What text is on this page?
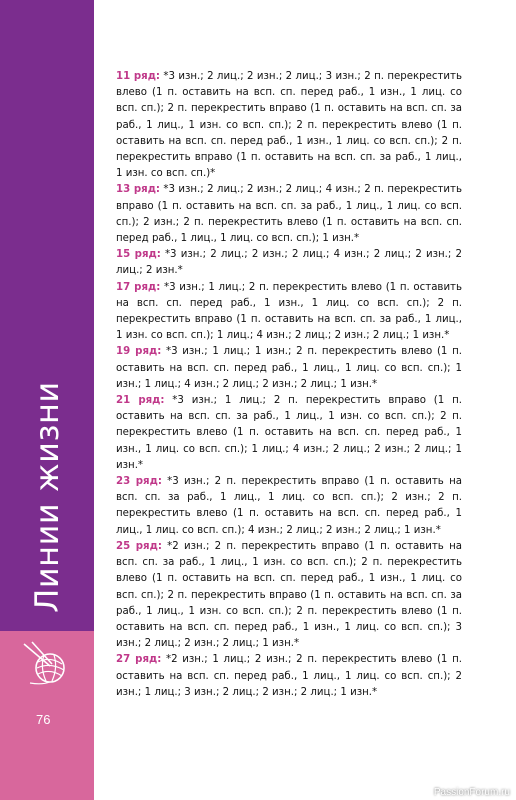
Линии жизни
76

11 ряд: *3 изн.; 2 лиц.; 2 изн.; 2 лиц.; 3 изн.; 2 п. перекрестить влево (1 п. оставить на всп. сп. перед раб., 1 изн., 1 лиц. со всп. сп.); 2 п. перекрестить вправо (1 п. оставить на всп. сп. за раб., 1 лиц., 1 изн. со всп. сп.); 2 п. перекрестить влево (1 п. оставить на всп. сп. перед раб., 1 изн., 1 лиц. со всп. сп.); 2 п. перекрестить вправо (1 п. оставить на всп. сп. за раб., 1 лиц., 1 изн. со всп. сп.)*

13 ряд: *3 изн.; 2 лиц.; 2 изн.; 2 лиц.; 4 изн.; 2 п. перекрестить вправо (1 п. оставить на всп. сп. за раб., 1 лиц., 1 лиц. со всп. сп.); 2 изн.; 2 п. перекрестить влево (1 п. оставить на всп. сп. перед раб., 1 лиц., 1 лиц. со всп. сп.); 1 изн.*

15 ряд: *3 изн.; 2 лиц.; 2 изн.; 2 лиц.; 4 изн.; 2 лиц.; 2 изн.; 2 лиц.; 2 изн.*

17 ряд: *3 изн.; 1 лиц.; 2 п. перекрестить влево (1 п. оставить на всп. сп. перед раб., 1 изн., 1 лиц. со всп. сп.); 2 п. перекрестить вправо (1 п. оставить на всп. сп. за раб., 1 лиц., 1 изн. со всп. сп.); 1 лиц.; 4 изн.; 2 лиц.; 2 изн.; 2 лиц.; 1 изн.*

19 ряд: *3 изн.; 1 лиц.; 1 изн.; 2 п. перекрестить влево (1 п. оставить на всп. сп. перед раб., 1 лиц., 1 лиц. со всп. сп.); 1 изн.; 1 лиц.; 4 изн.; 2 лиц.; 2 изн.; 2 лиц.; 1 изн.*

21 ряд: *3 изн.; 1 лиц.; 2 п. перекрестить вправо (1 п. оставить на всп. сп. за раб., 1 лиц., 1 изн. со всп. сп.); 2 п. перекрестить влево (1 п. оставить на всп. сп. перед раб., 1 изн., 1 лиц. со всп. сп.); 1 лиц.; 4 изн.; 2 лиц.; 2 изн.; 2 лиц.; 1 изн.*

23 ряд: *3 изн.; 2 п. перекрестить вправо (1 п. оставить на всп. сп. за раб., 1 лиц., 1 лиц. со всп. сп.); 2 изн.; 2 п. перекрестить влево (1 п. оставить на всп. сп. перед раб., 1 лиц., 1 лиц. со всп. сп.); 4 изн.; 2 лиц.; 2 изн.; 2 лиц.; 1 изн.*

25 ряд: *2 изн.; 2 п. перекрестить вправо (1 п. оставить на всп. сп. за раб., 1 лиц., 1 изн. со всп. сп.); 2 п. перекрестить влево (1 п. оставить на всп. сп. перед раб., 1 изн., 1 лиц. со всп. сп.); 2 п. перекрестить вправо (1 п. оставить на всп. сп. за раб., 1 лиц., 1 изн. со всп. сп.); 2 п. перекрестить влево (1 п. оставить на всп. сп. перед раб., 1 изн., 1 лиц. со всп. сп.); 3 изн.; 2 лиц.; 2 изн.; 2 лиц.; 1 изн.*

27 ряд: *2 изн.; 1 лиц.; 2 изн.; 2 п. перекрестить влево (1 п. оставить на всп. сп. перед раб., 1 лиц., 1 лиц. со всп. сп.); 2 изн.; 1 лиц.; 3 изн.; 2 лиц.; 2 изн.; 2 лиц.; 1 изн.*

PassionForum.ru
